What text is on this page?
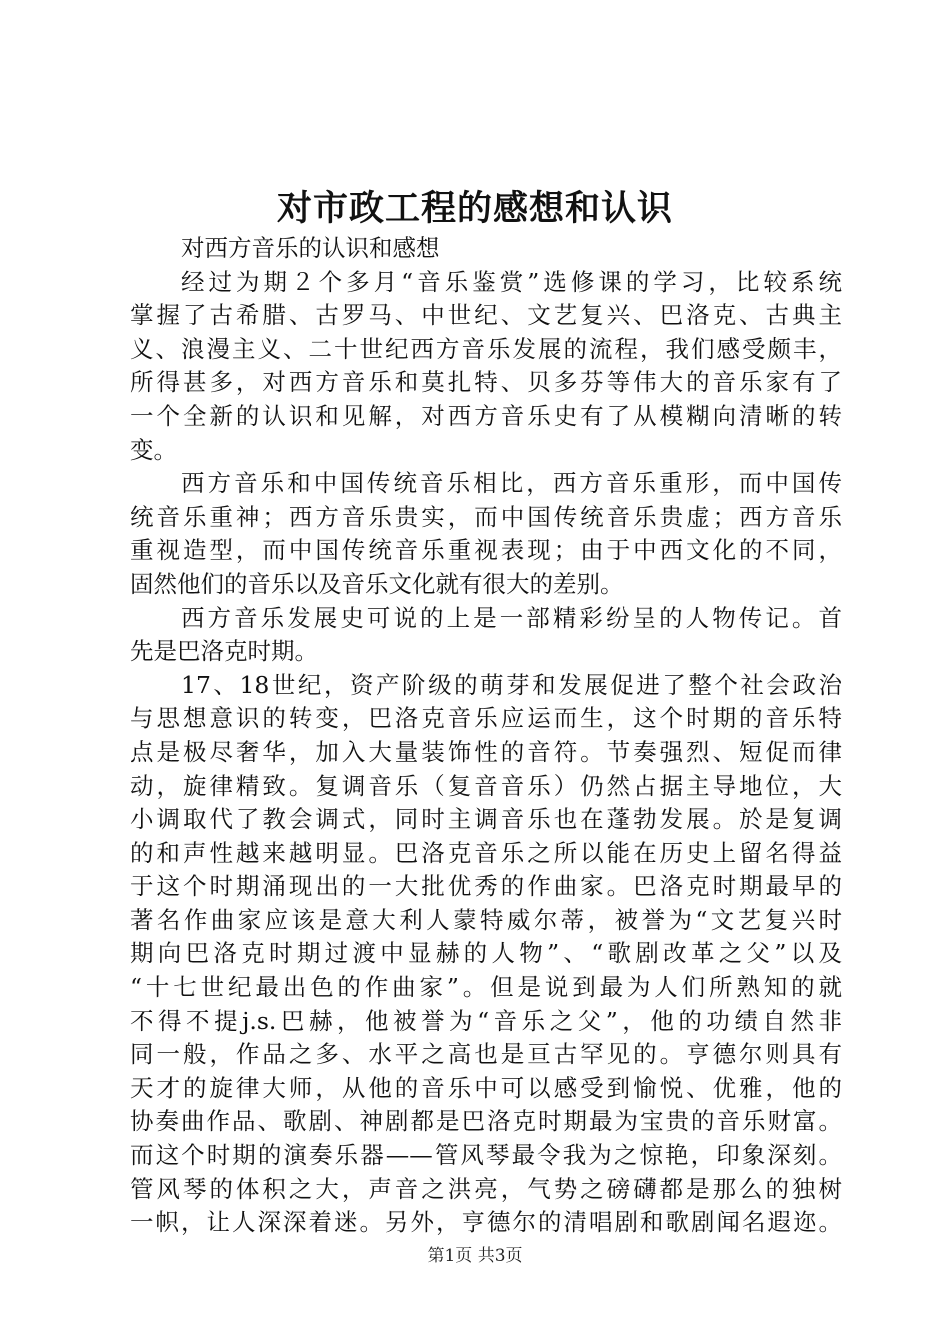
对市政工程的感想和认识
对西方音乐的认识和感想
经过为期２个多月“音乐鉴赏”选修课的学习，比较系统
掌握了古希腊、古罗马、中世纪、文艺复兴、巴洛克、古典主
义、浪漫主义、二十世纪西方音乐发展的流程，我们感受颇丰，
所得甚多，对西方音乐和莫扎特、贝多芬等伟大的音乐家有了
一个全新的认识和见解，对西方音乐史有了从模糊向清晰的转
变。
西方音乐和中国传统音乐相比，西方音乐重形，而中国传
统音乐重神；西方音乐贵实，而中国传统音乐贵虚；西方音乐
重视造型，而中国传统音乐重视表现；由于中西文化的不同，
固然他们的音乐以及音乐文化就有很大的差别。
西方音乐发展史可说的上是一部精彩纷呈的人物传记。首
先是巴洛克时期。
17、18世纪，资产阶级的萌芽和发展促进了整个社会政治
与思想意识的转变，巴洛克音乐应运而生，这个时期的音乐特
点是极尽奢华，加入大量装饰性的音符。节奏强烈、短促而律
动，旋律精致。复调音乐（复音音乐）仍然占据主导地位，大
小调取代了教会调式，同时主调音乐也在蓬勃发展。於是复调
的和声性越来越明显。巴洛克音乐之所以能在历史上留名得益
于这个时期涌现出的一大批优秀的作曲家。巴洛克时期最早的
著名作曲家应该是意大利人蒙特威尔蒂，被誉为“文艺复兴时
期向巴洛克时期过渡中显赫的人物”、“歌剧改革之父”以及
“十七世纪最出色的作曲家”。但是说到最为人们所熟知的就
不得不提j.s.巴赫，他被誉为“音乐之父”，他的功绩自然非
同一般，作品之多、水平之高也是亘古罕见的。亨德尔则具有
天才的旋律大师，从他的音乐中可以感受到愉悦、优雅，他的
协奏曲作品、歌剧、神剧都是巴洛克时期最为宝贵的音乐财富。
而这个时期的演奏乐器——管风琴最令我为之惊艳，印象深刻。
管风琴的体积之大，声音之洪亮，气势之磅礴都是那么的独树
一帜，让人深深着迷。另外，亨德尔的清唱剧和歌剧闻名遐迩。
第1页 共3页
